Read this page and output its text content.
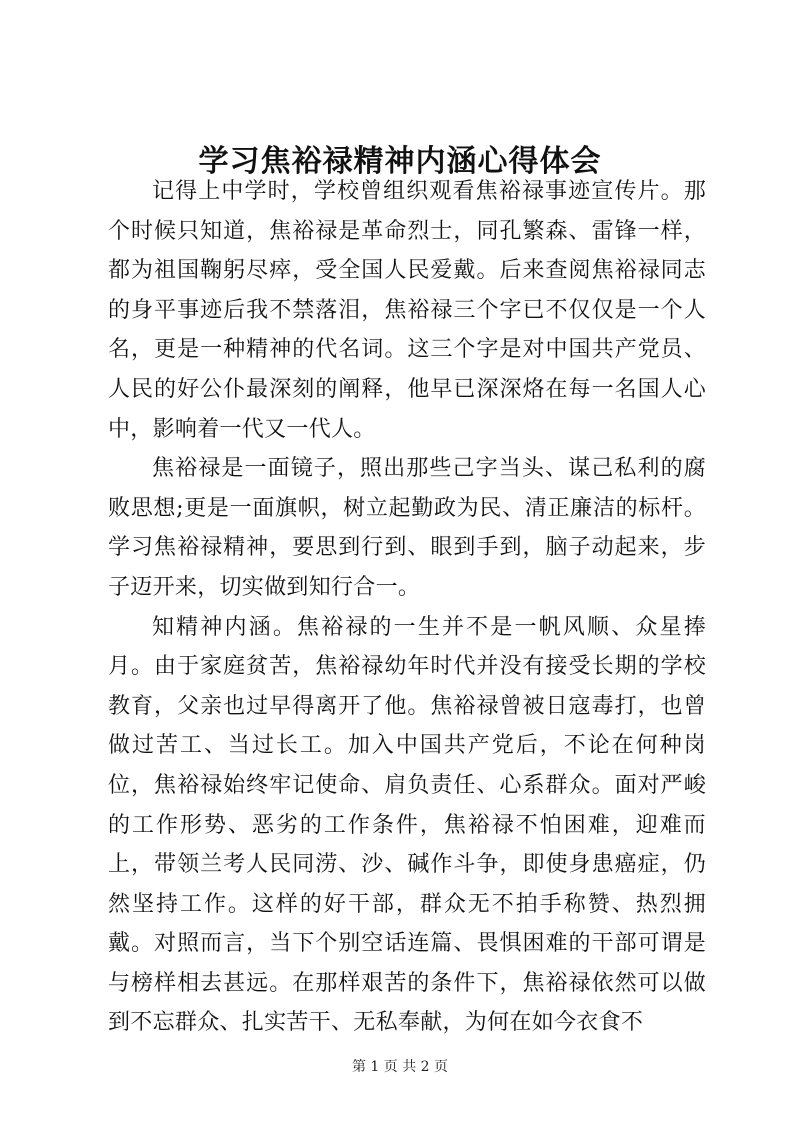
学习焦裕禄精神内涵心得体会

记得上中学时，学校曾组织观看焦裕禄事迹宣传片。那个时候只知道，焦裕禄是革命烈士，同孔繁森、雷锋一样，都为祖国鞠躬尽瘁，受全国人民爱戴。后来查阅焦裕禄同志的身平事迹后我不禁落泪，焦裕禄三个字已不仅仅是一个人名，更是一种精神的代名词。这三个字是对中国共产党员、人民的好公仆最深刻的阐释，他早已深深烙在每一名国人心中，影响着一代又一代人。

焦裕禄是一面镜子，照出那些己字当头、谋己私利的腐败思想;更是一面旗帜，树立起勤政为民、清正廉洁的标杆。学习焦裕禄精神，要思到行到、眼到手到，脑子动起来，步子迈开来，切实做到知行合一。

知精神内涵。焦裕禄的一生并不是一帆风顺、众星捧月。由于家庭贫苦，焦裕禄幼年时代并没有接受长期的学校教育，父亲也过早得离开了他。焦裕禄曾被日寇毒打，也曾做过苦工、当过长工。加入中国共产党后，不论在何种岗位，焦裕禄始终牢记使命、肩负责任、心系群众。面对严峻的工作形势、恶劣的工作条件，焦裕禄不怕困难，迎难而上，带领兰考人民同涝、沙、碱作斗争，即使身患癌症，仍然坚持工作。这样的好干部，群众无不拍手称赞、热烈拥戴。对照而言，当下个别空话连篇、畏惧困难的干部可谓是与榜样相去甚远。在那样艰苦的条件下，焦裕禄依然可以做到不忘群众、扎实苦干、无私奉献，为何在如今衣食不

第 1 页 共 2 页
